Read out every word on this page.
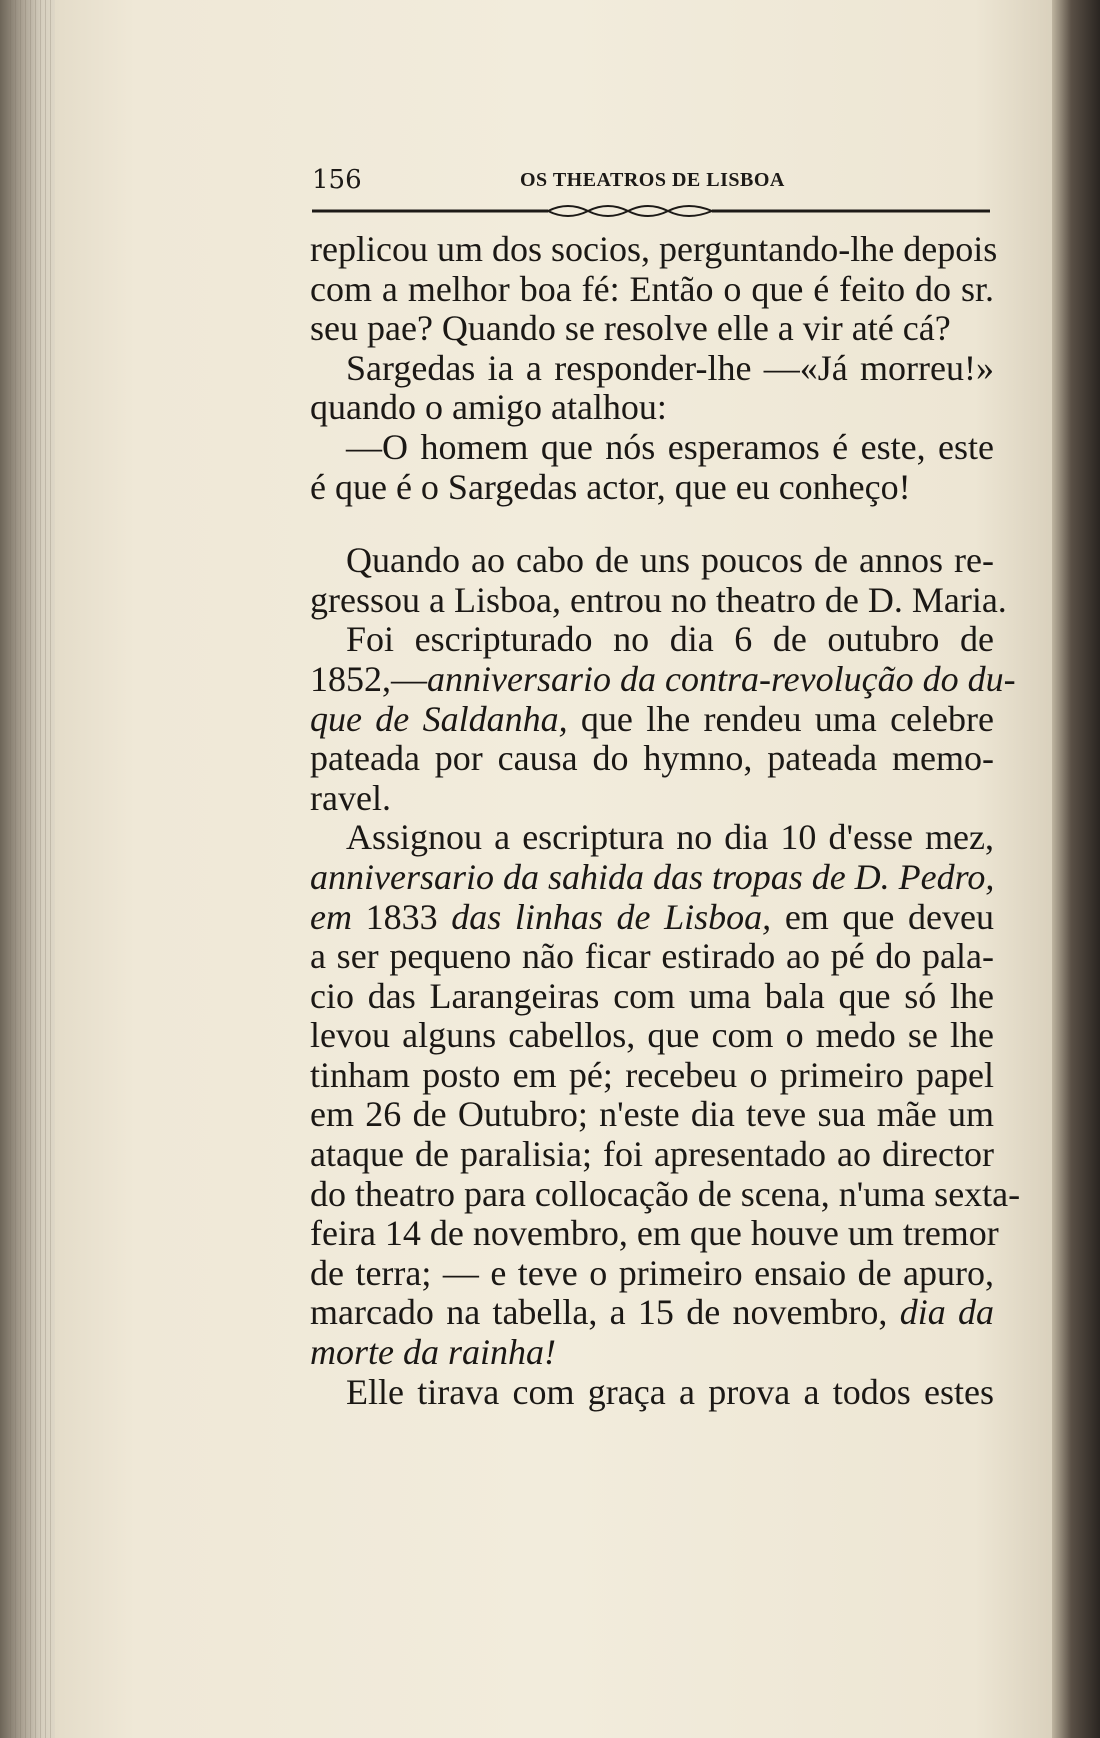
156	OS THEATROS DE LISBOA
replicou um dos socios, perguntando-lhe depois
com a melhor boa fé: Então o que é feito do sr.
seu pae? Quando se resolve elle a vir até cá?
Sargedas ia a responder-lhe —«Já morreu!»
quando o amigo atalhou:
—O homem que nós esperamos é este, este
é que é o Sargedas actor, que eu conheço!
Quando ao cabo de uns poucos de annos re-
gressou a Lisboa, entrou no theatro de D. Maria.
Foi escripturado no dia 6 de outubro de
1852,—anniversario da contra-revolução do du-
que de Saldanha, que lhe rendeu uma celebre
pateada por causa do hymno, pateada memo-
ravel.
Assignou a escriptura no dia 10 d'esse mez,
anniversario da sahida das tropas de D. Pedro,
em 1833 das linhas de Lisboa, em que deveu
a ser pequeno não ficar estirado ao pé do pala-
cio das Larangeiras com uma bala que só lhe
levou alguns cabellos, que com o medo se lhe
tinham posto em pé; recebeu o primeiro papel
em 26 de Outubro; n'este dia teve sua mãe um
ataque de paralisia; foi apresentado ao director
do theatro para collocação de scena, n'uma sexta-
feira 14 de novembro, em que houve um tremor
de terra; — e teve o primeiro ensaio de apuro,
marcado na tabella, a 15 de novembro, dia da
morte da rainha!
Elle tirava com graça a prova a todos estes
